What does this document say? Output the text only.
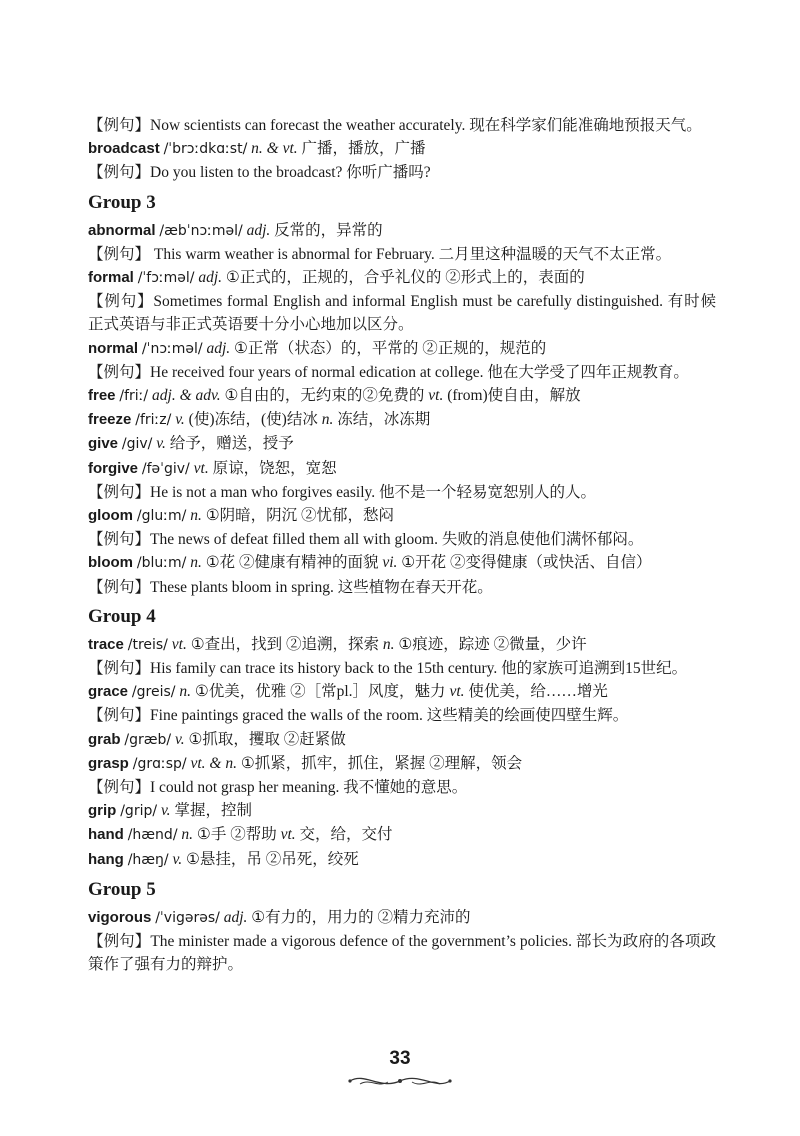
【例句】Now scientists can forecast the weather accurately. 现在科学家们能准确地预报天气。

broadcast /ˈbrɔːdkɑːst/ n. & vt. 广播，播放，广播

【例句】Do you listen to the broadcast? 你听广播吗?

Group 3

abnormal /æbˈnɔːməl/ adj. 反常的，异常的

【例句】 This warm weather is abnormal for February. 二月里这种温暖的天气不太正常。

formal /ˈfɔːməl/ adj. ①正式的，正规的，合乎礼仪的 ②形式上的，表面的

【例句】Sometimes formal English and informal English must be carefully distinguished. 有时候正式英语与非正式英语要十分小心地加以区分。

normal /ˈnɔːməl/ adj. ①正常（状态）的，平常的 ②正规的，规范的

【例句】He received four years of normal edication at college. 他在大学受了四年正规教育。

free /friː/ adj. & adv. ①自由的，无约束的②免费的 vt. (from)使自由，解放

freeze /friːz/ v. (使)冻结，(使)结冰 n. 冻结，冰冻期

give /giv/ v. 给予，赠送，授予

forgive /fəˈgiv/ vt. 原谅，饶恕，宽恕

【例句】He is not a man who forgives easily. 他不是一个轻易宽恕别人的人。

gloom /gluːm/ n. ①阴暗，阴沉 ②忧郁，愁闷

【例句】The news of defeat filled them all with gloom. 失败的消息使他们满怀郁闷。

bloom /bluːm/ n. ①花 ②健康有精神的面貌 vi. ①开花 ②变得健康（或快活、自信）

【例句】These plants bloom in spring. 这些植物在春天开花。

Group 4

trace /treis/ vt. ①查出，找到 ②追溯，探索 n. ①痕迹，踪迹 ②微量，少许

【例句】His family can trace its history back to the 15th century. 他的家族可追溯到15世纪。

grace /greis/ n. ①优美，优雅 ②［常pl.］风度，魅力 vt. 使优美，给……增光

【例句】Fine paintings graced the walls of the room. 这些精美的绘画使四壁生辉。

grab /græb/ v. ①抓取，攫取 ②赶紧做

grasp /grɑːsp/ vt. & n. ①抓紧，抓牢，抓住，紧握 ②理解，领会

【例句】I could not grasp her meaning. 我不懂她的意思。

grip /grip/ v. 掌握，控制

hand /hænd/ n. ①手 ②帮助 vt. 交，给，交付

hang /hæŋ/ v. ①悬挂，吊 ②吊死，绞死

Group 5

vigorous /ˈvigərəs/ adj. ①有力的，用力的 ②精力充沛的

【例句】The minister made a vigorous defence of the government’s policies. 部长为政府的各项政策作了强有力的辩护。

33
